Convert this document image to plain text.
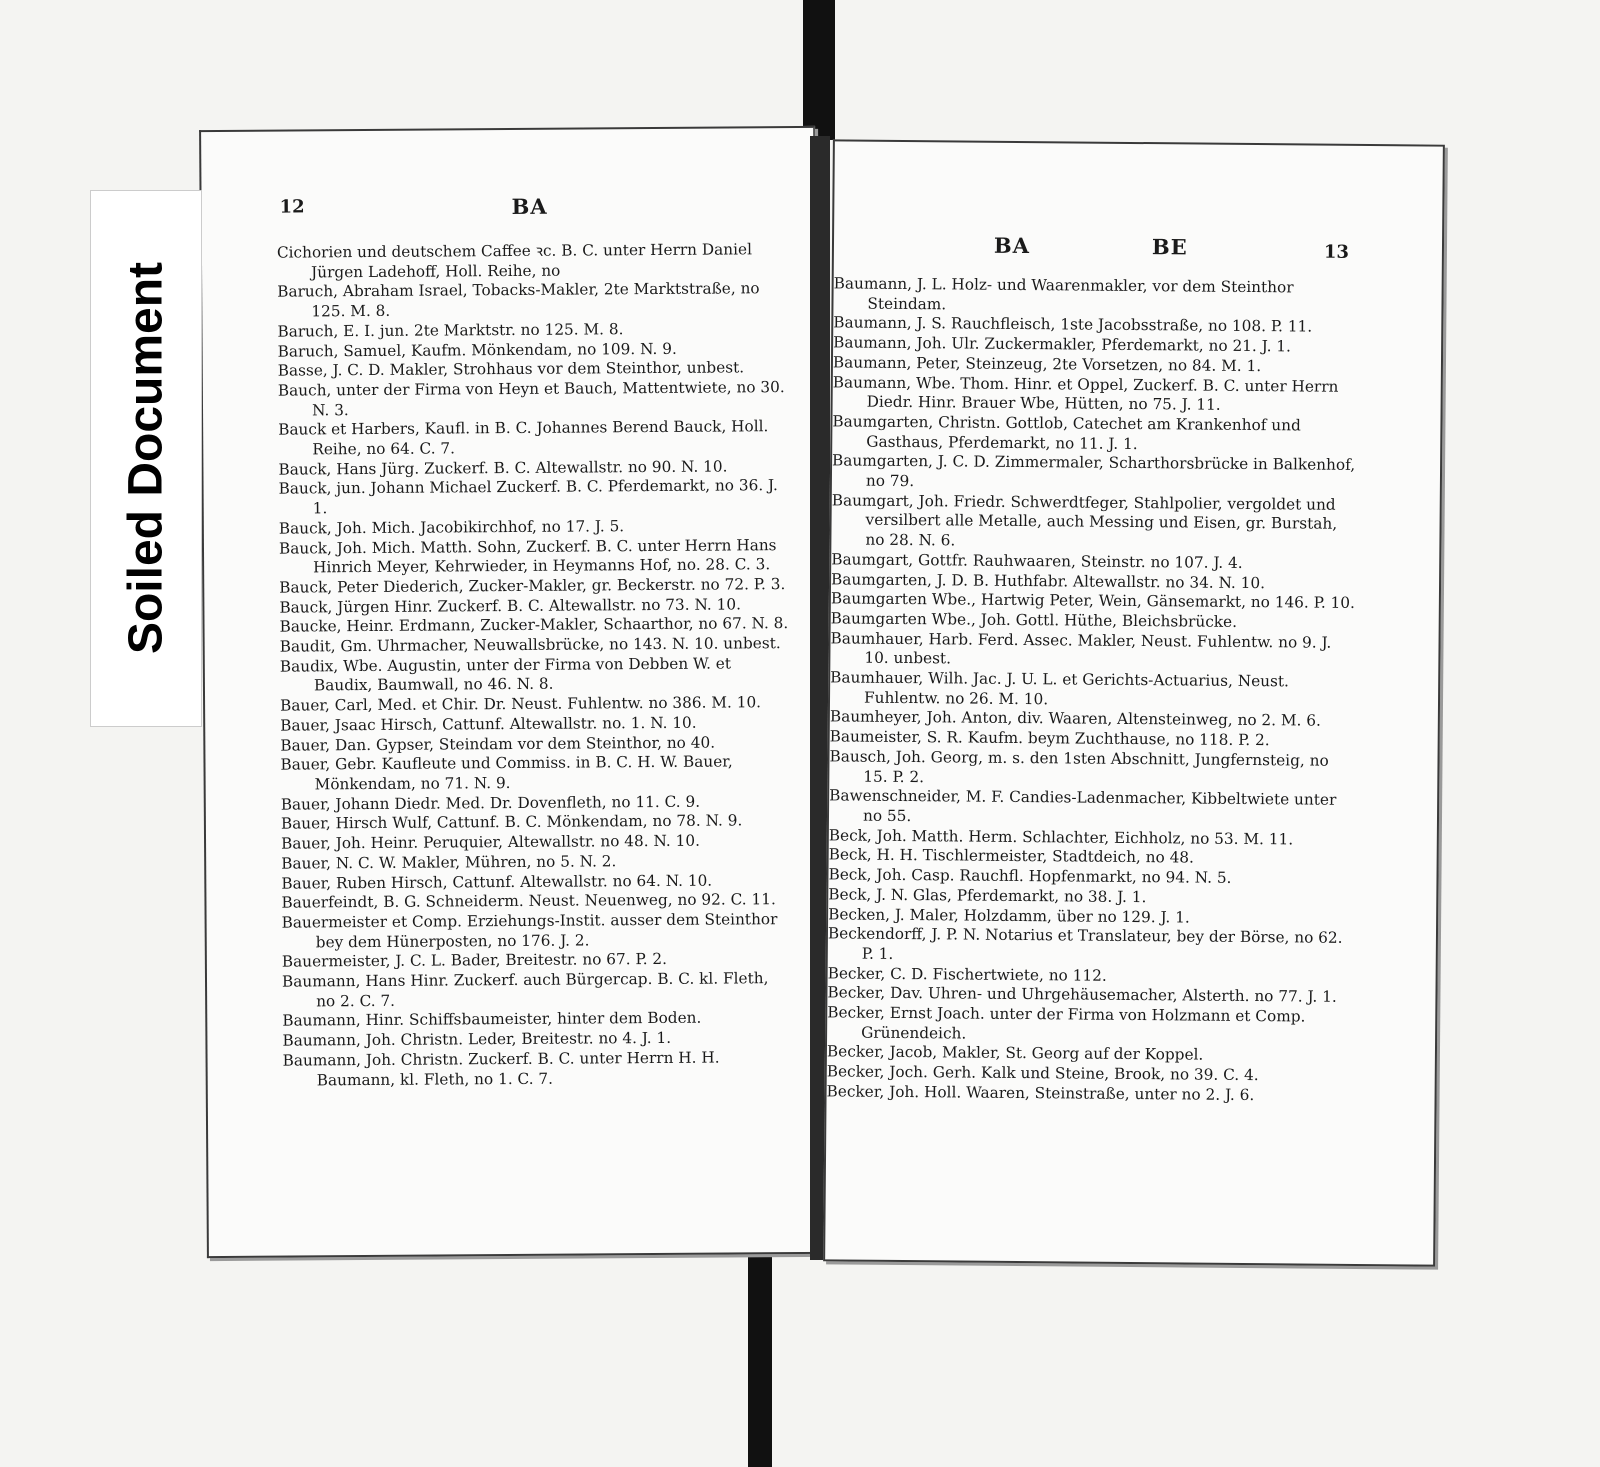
12	BA
Cichorien und deutschem Caffee ꝛc. B. C. unter Herrn Daniel Jürgen Ladehoff, Holl. Reihe, no
Baruch, Abraham Israel, Tobacks-Makler, 2te Marktstraße, no 125. M. 8.
Baruch, E. I. jun. 2te Marktstr. no 125. M. 8.
Baruch, Samuel, Kaufm. Mönkendam, no 109. N. 9.
Basse, J. C. D. Makler, Strohhaus vor dem Steinthor, unbest.
Bauch, unter der Firma von Heyn et Bauch, Mattentwiete, no 30. N. 3.
Bauck et Harbers, Kaufl. in B. C. Johannes Berend Bauck, Holl. Reihe, no 64. C. 7.
Bauck, Hans Jürg. Zuckerf. B. C. Altewallstr. no 90. N. 10.
Bauck, jun. Johann Michael Zuckerf. B. C. Pferdemarkt, no 36. J. 1.
Bauck, Joh. Mich. Jacobikirchhof, no 17. J. 5.
Bauck, Joh. Mich. Matth. Sohn, Zuckerf. B. C. unter Herrn Hans Hinrich Meyer, Kehrwieder, in Heymanns Hof, no. 28. C. 3.
Bauck, Peter Diederich, Zucker-Makler, gr. Beckerstr. no 72. P. 3.
Bauck, Jürgen Hinr. Zuckerf. B. C. Altewallstr. no 73. N. 10.
Baucke, Heinr. Erdmann, Zucker-Makler, Schaarthor, no 67. N. 8.
Baudit, Gm. Uhrmacher, Neuwallsbrücke, no 143. N. 10. unbest.
Baudix, Wbe. Augustin, unter der Firma von Debben W. et Baudix, Baumwall, no 46. N. 8.
Bauer, Carl, Med. et Chir. Dr. Neust. Fuhlentw. no 386. M. 10.
Bauer, Jsaac Hirsch, Cattunf. Altewallstr. no. 1. N. 10.
Bauer, Dan. Gypser, Steindam vor dem Steinthor, no 40.
Bauer, Gebr. Kaufleute und Commiss. in B. C. H. W. Bauer, Mönkendam, no 71. N. 9.
Bauer, Johann Diedr. Med. Dr. Dovenfleth, no 11. C. 9.
Bauer, Hirsch Wulf, Cattunf. B. C. Mönkendam, no 78. N. 9.
Bauer, Joh. Heinr. Peruquier, Altewallstr. no 48. N. 10.
Bauer, N. C. W. Makler, Mühren, no 5. N. 2.
Bauer, Ruben Hirsch, Cattunf. Altewallstr. no 64. N. 10.
Bauerfeindt, B. G. Schneiderm. Neust. Neuenweg, no 92. C. 11.
Bauermeister et Comp. Erziehungs-Instit. ausser dem Steinthor bey dem Hünerposten, no 176. J. 2.
Bauermeister, J. C. L. Bader, Breitestr. no 67. P. 2.
Baumann, Hans Hinr. Zuckerf. auch Bürgercap. B. C. kl. Fleth, no 2. C. 7.
Baumann, Hinr. Schiffsbaumeister, hinter dem Boden.
Baumann, Joh. Christn. Leder, Breitestr. no 4. J. 1.
Baumann, Joh. Christn. Zuckerf. B. C. unter Herrn H. H. Baumann, kl. Fleth, no 1. C. 7.
BA	BE	13
Baumann, J. L. Holz- und Waarenmakler, vor dem Steinthor Steindam.
Baumann, J. S. Rauchfleisch, 1ste Jacobsstraße, no 108. P. 11.
Baumann, Joh. Ulr. Zuckermakler, Pferdemarkt, no 21. J. 1.
Baumann, Peter, Steinzeug, 2te Vorsetzen, no 84. M. 1.
Baumann, Wbe. Thom. Hinr. et Oppel, Zuckerf. B. C. unter Herrn Diedr. Hinr. Brauer Wbe, Hütten, no 75. J. 11.
Baumgarten, Christn. Gottlob, Catechet am Krankenhof und Gasthaus, Pferdemarkt, no 11. J. 1.
Baumgarten, J. C. D. Zimmermaler, Scharthorsbrücke in Balkenhof, no 79.
Baumgart, Joh. Friedr. Schwerdtfeger, Stahlpolier, vergoldet und versilbert alle Metalle, auch Messing und Eisen, gr. Burstah, no 28. N. 6.
Baumgart, Gottfr. Rauhwaaren, Steinstr. no 107. J. 4.
Baumgarten, J. D. B. Huthfabr. Altewallstr. no 34. N. 10.
Baumgarten Wbe., Hartwig Peter, Wein, Gänsemarkt, no 146. P. 10.
Baumgarten Wbe., Joh. Gottl. Hüthe, Bleichsbrücke.
Baumhauer, Harb. Ferd. Assec. Makler, Neust. Fuhlentw. no 9. J. 10. unbest.
Baumhauer, Wilh. Jac. J. U. L. et Gerichts-Actuarius, Neust. Fuhlentw. no 26. M. 10.
Baumheyer, Joh. Anton, div. Waaren, Altensteinweg, no 2. M. 6.
Baumeister, S. R. Kaufm. beym Zuchthause, no 118. P. 2.
Bausch, Joh. Georg, m. s. den 1sten Abschnitt, Jungfernsteig, no 15. P. 2.
Bawenschneider, M. F. Candies-Ladenmacher, Kibbeltwiete unter no 55.
Beck, Joh. Matth. Herm. Schlachter, Eichholz, no 53. M. 11.
Beck, H. H. Tischlermeister, Stadtdeich, no 48.
Beck, Joh. Casp. Rauchfl. Hopfenmarkt, no 94. N. 5.
Beck, J. N. Glas, Pferdemarkt, no 38. J. 1.
Becken, J. Maler, Holzdamm, über no 129. J. 1.
Beckendorff, J. P. N. Notarius et Translateur, bey der Börse, no 62. P. 1.
Becker, C. D. Fischertwiete, no 112.
Becker, Dav. Uhren- und Uhrgehäusemacher, Alsterth. no 77. J. 1.
Becker, Ernst Joach. unter der Firma von Holzmann et Comp. Grünendeich.
Becker, Jacob, Makler, St. Georg auf der Koppel.
Becker, Joch. Gerh. Kalk und Steine, Brook, no 39. C. 4.
Becker, Joh. Holl. Waaren, Steinstraße, unter no 2. J. 6.
Soiled Document
